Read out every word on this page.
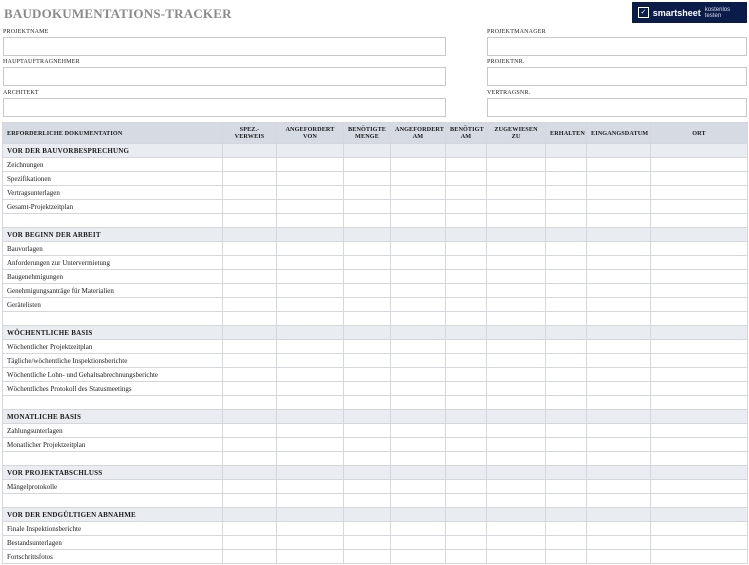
BAUDOKUMENTATIONS-TRACKER	✓ smartsheet kostenlos testen
PROJEKTNAME
HAUPTAUFTRAGNEHMER
ARCHITEKT
PROJEKTMANAGER
PROJEKTNR.
VERTRAGSNR.
ERFORDERLICHE DOKUMENTATION	SPEZ.- VERWEIS	ANGEFORDERT VON	BENÖTIGTE MENGE	ANGEFORDERT AM	BENÖTIGT AM	ZUGEWIESEN ZU	ERHALTEN	EINGANGSDATUM	ORT
VOR DER BAUVORBESPRECHUNG									
Zeichnungen									
Spezifikationen									
Vertragsunterlagen									
Gesamt-Projektzeitplan									

VOR BEGINN DER ARBEIT									
Bauvorlagen									
Anforderungen zur Untervermietung									
Baugenehmigungen									
Genehmigungsanträge für Materialien									
Gerätelisten									

WÖCHENTLICHE BASIS									
Wöchentlicher Projektzeitplan									
Tägliche/wöchentliche Inspektionsberichte									
Wöchentliche Lohn- und Gehaltsabrechnungsberichte									
Wöchentliches Protokoll des Statusmeetings									

MONATLICHE BASIS									
Zahlungsunterlagen									
Monatlicher Projektzeitplan									

VOR PROJEKTABSCHLUSS									
Mängelprotokolle									

VOR DER ENDGÜLTIGEN ABNAHME									
Finale Inspektionsberichte									
Bestandsunterlagen									
Fortschrittsfotos									
